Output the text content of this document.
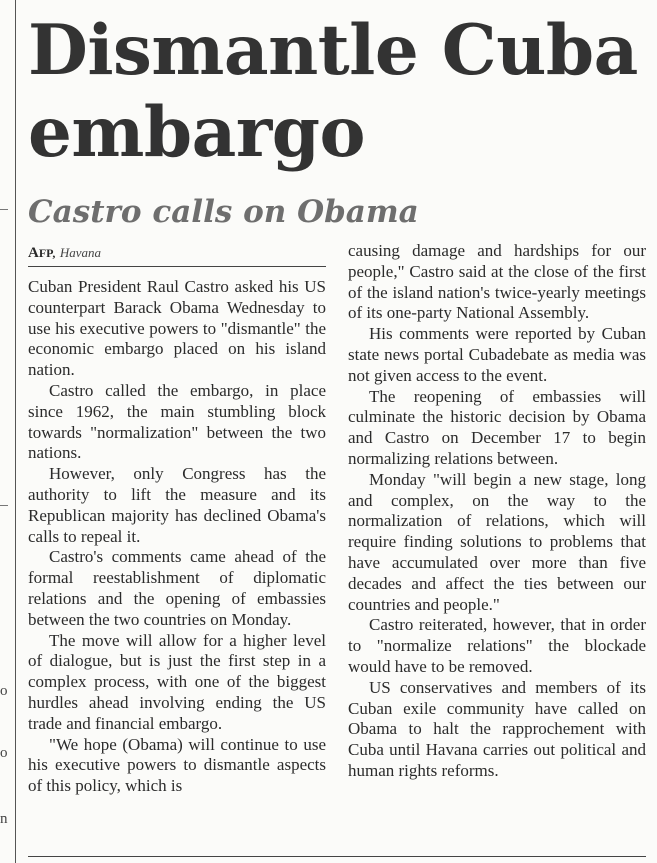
o
o
n
Dismantle Cuba embargo
Castro calls on Obama
AFP, Havana

Cuban President Raul Castro asked his US counterpart Barack Obama Wednesday to use his executive powers to "dismantle" the economic embargo placed on his island nation.

Castro called the embargo, in place since 1962, the main stumbling block towards "normalization" between the two nations.

However, only Congress has the authority to lift the measure and its Republican majority has declined Obama's calls to repeal it.

Castro's comments came ahead of the formal reestablishment of diplomatic relations and the opening of embassies between the two countries on Monday.

The move will allow for a higher level of dialogue, but is just the first step in a complex process, with one of the biggest hurdles ahead involving ending the US trade and financial embargo.

"We hope (Obama) will continue to use his executive powers to dismantle aspects of this policy, which is

causing damage and hardships for our people," Castro said at the close of the first of the island nation's twice-yearly meetings of its one-party National Assembly.

His comments were reported by Cuban state news portal Cubadebate as media was not given access to the event.

The reopening of embassies will culminate the historic decision by Obama and Castro on December 17 to begin normalizing relations between.

Monday "will begin a new stage, long and complex, on the way to the normalization of relations, which will require finding solutions to problems that have accumulated over more than five decades and affect the ties between our countries and people."

Castro reiterated, however, that in order to "normalize relations" the blockade would have to be removed.

US conservatives and members of its Cuban exile community have called on Obama to halt the rapprochement with Cuba until Havana carries out political and human rights reforms.
